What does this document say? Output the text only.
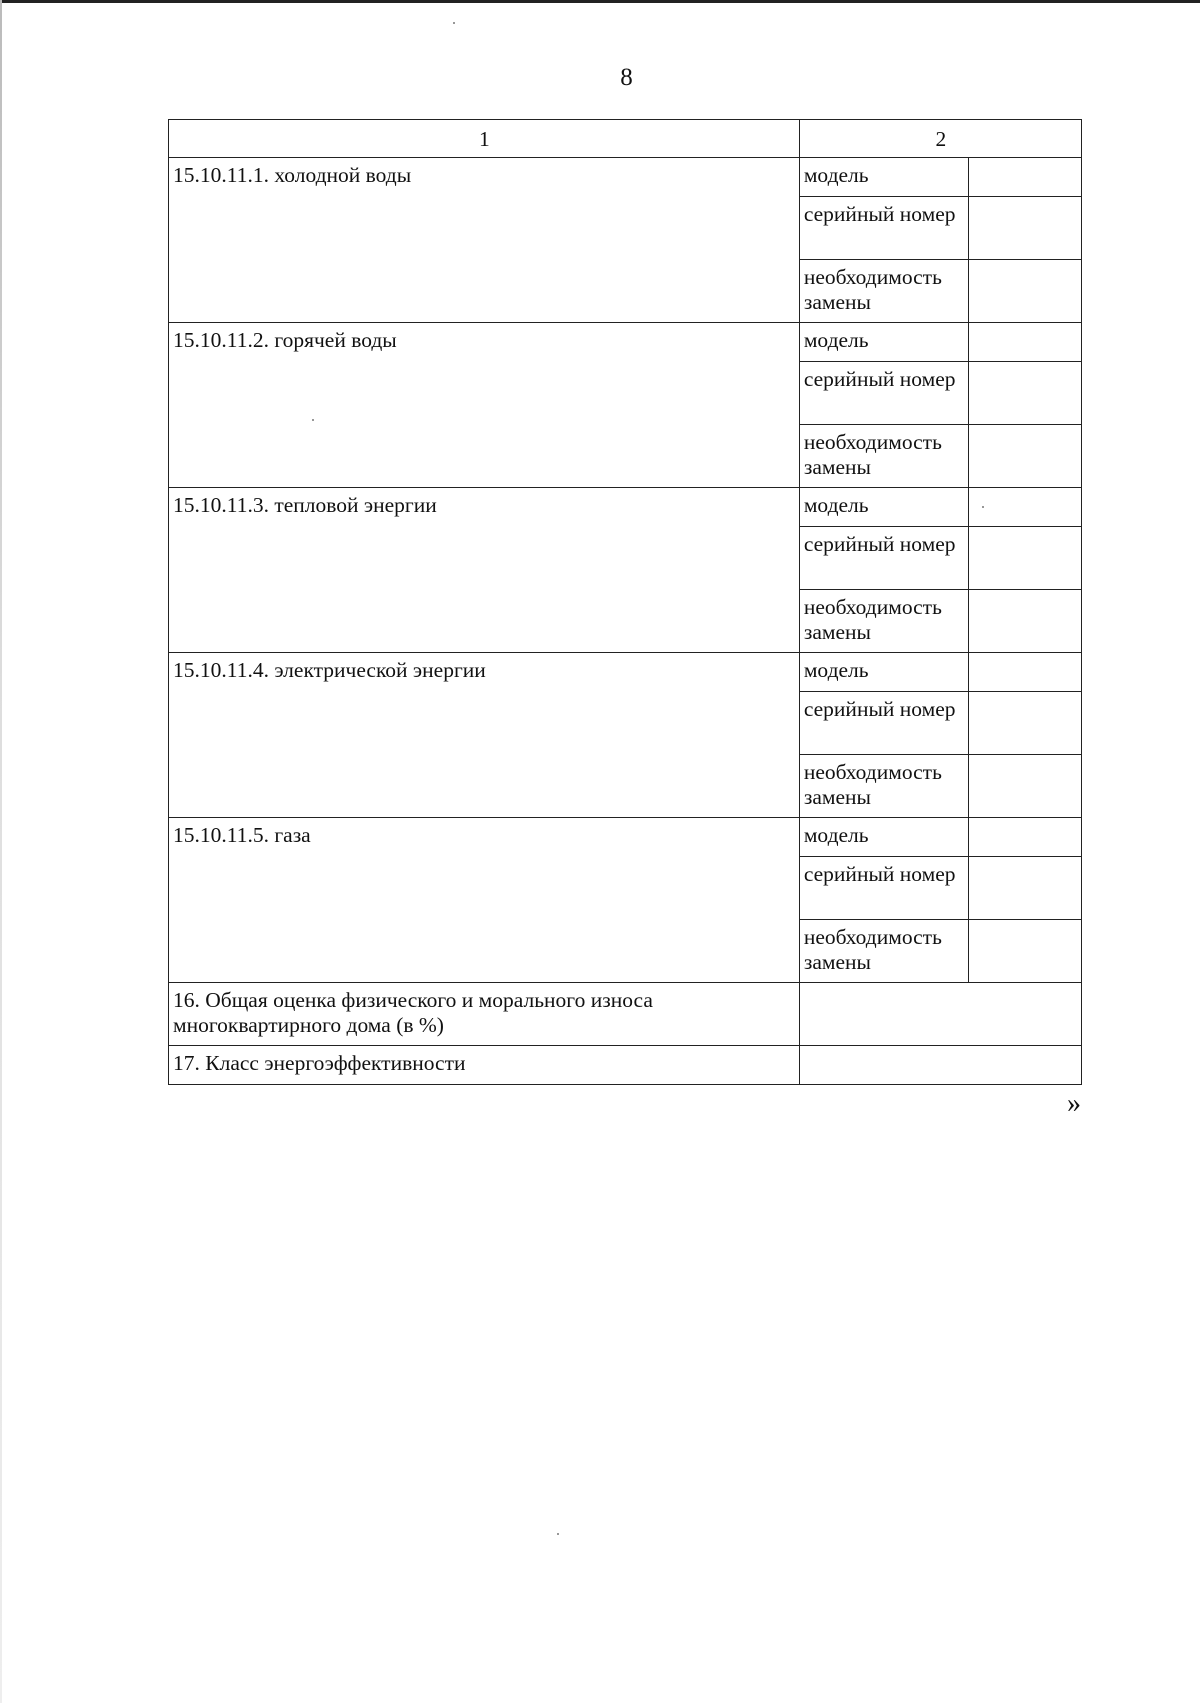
8
1	2	
15.10.11.1. холодной воды	модель	
	серийный номер	
	необходимость замены	
15.10.11.2. горячей воды	модель	
	серийный номер	
	необходимость замены	
15.10.11.3. тепловой энергии	модель	
	серийный номер	
	необходимость замены	
15.10.11.4. электрической энергии	модель	
	серийный номер	
	необходимость замены	
15.10.11.5. газа	модель	
	серийный номер	
	необходимость замены	
16. Общая оценка физического и морального износа многоквартирного дома (в %)		
17. Класс энергоэффективности		
»
